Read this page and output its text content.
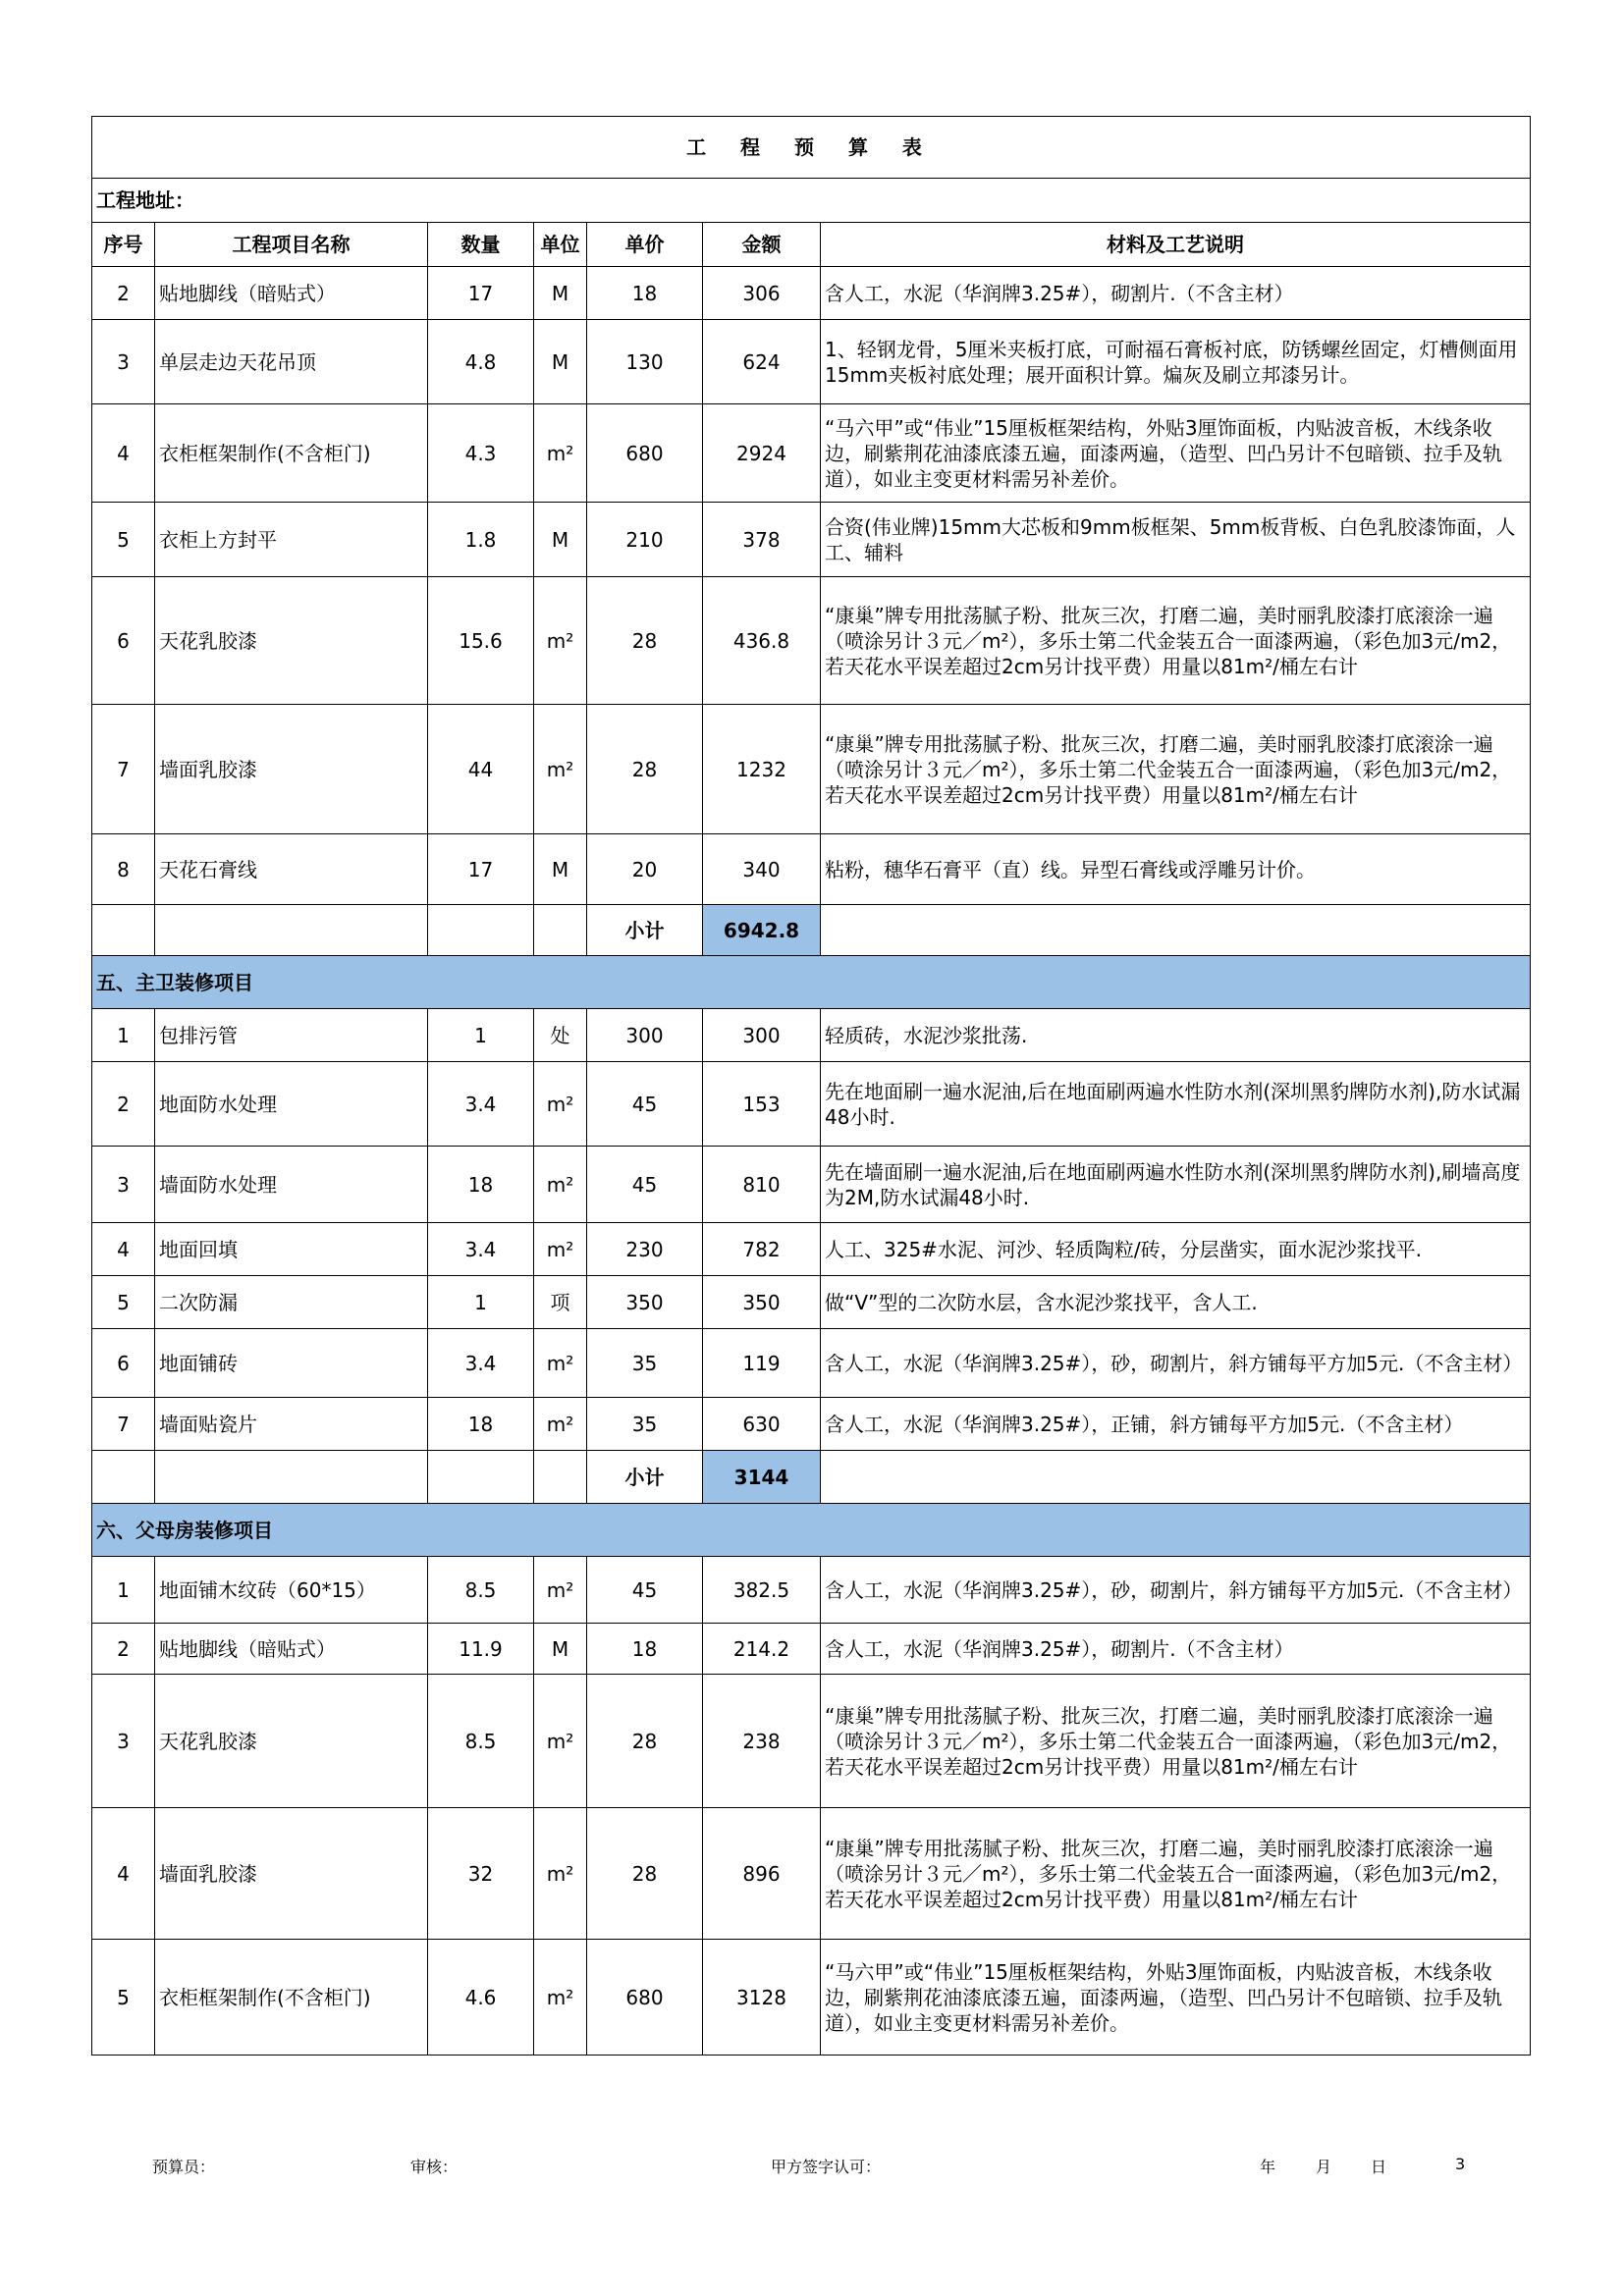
工 程 预 算 表						
工程地址：						
序号	工程项目名称	数量	单位	单价	金额	材料及工艺说明
2	贴地脚线（暗贴式）	17	M	18	306	含人工，水泥（华润牌3.25#），砌割片.（不含主材）
3	单层走边天花吊顶	4.8	M	130	624	1、轻钢龙骨，5厘米夹板打底，可耐福石膏板衬底，防锈螺丝固定，灯槽侧面用15mm夹板衬底处理；展开面积计算。煸灰及刷立邦漆另计。
4	衣柜框架制作(不含柜门)	4.3	m²	680	2924	“马六甲”或“伟业”15厘板框架结构，外贴3厘饰面板，内贴波音板，木线条收边，刷紫荆花油漆底漆五遍，面漆两遍，（造型、凹凸另计不包暗锁、拉手及轨道），如业主变更材料需另补差价。
5	衣柜上方封平	1.8	M	210	378	合资(伟业牌)15mm大芯板和9mm板框架、5mm板背板、白色乳胶漆饰面，人工、辅料
6	天花乳胶漆	15.6	m²	28	436.8	“康巢”牌专用批荡腻子粉、批灰三次，打磨二遍，美时丽乳胶漆打底滚涂一遍（喷涂另计３元／m²），多乐士第二代金装五合一面漆两遍，（彩色加3元/m2，若天花水平误差超过2cm另计找平费）用量以81m²/桶左右计
7	墙面乳胶漆	44	m²	28	1232	“康巢”牌专用批荡腻子粉、批灰三次，打磨二遍，美时丽乳胶漆打底滚涂一遍（喷涂另计３元／m²），多乐士第二代金装五合一面漆两遍，（彩色加3元/m2，若天花水平误差超过2cm另计找平费）用量以81m²/桶左右计
8	天花石膏线	17	M	20	340	粘粉，穗华石膏平（直）线。异型石膏线或浮雕另计价。
				小计	6942.8	
五、主卫装修项目						
1	包排污管	1	处	300	300	轻质砖，水泥沙浆批荡.
2	地面防水处理	3.4	m²	45	153	先在地面刷一遍水泥油,后在地面刷两遍水性防水剂(深圳黑豹牌防水剂),防水试漏48小时.
3	墙面防水处理	18	m²	45	810	先在墙面刷一遍水泥油,后在地面刷两遍水性防水剂(深圳黑豹牌防水剂),刷墙高度为2M,防水试漏48小时.
4	地面回填	3.4	m²	230	782	人工、325#水泥、河沙、轻质陶粒/砖，分层凿实，面水泥沙浆找平.
5	二次防漏	1	项	350	350	做“V”型的二次防水层，含水泥沙浆找平，含人工.
6	地面铺砖	3.4	m²	35	119	含人工，水泥（华润牌3.25#），砂，砌割片，斜方铺每平方加5元.（不含主材）
7	墙面贴瓷片	18	m²	35	630	含人工，水泥（华润牌3.25#），正铺，斜方铺每平方加5元.（不含主材）
				小计	3144	
六、父母房装修项目						
1	地面铺木纹砖（60*15）	8.5	m²	45	382.5	含人工，水泥（华润牌3.25#），砂，砌割片，斜方铺每平方加5元.（不含主材）
2	贴地脚线（暗贴式）	11.9	M	18	214.2	含人工，水泥（华润牌3.25#），砌割片.（不含主材）
3	天花乳胶漆	8.5	m²	28	238	“康巢”牌专用批荡腻子粉、批灰三次，打磨二遍，美时丽乳胶漆打底滚涂一遍（喷涂另计３元／m²），多乐士第二代金装五合一面漆两遍，（彩色加3元/m2，若天花水平误差超过2cm另计找平费）用量以81m²/桶左右计
4	墙面乳胶漆	32	m²	28	896	“康巢”牌专用批荡腻子粉、批灰三次，打磨二遍，美时丽乳胶漆打底滚涂一遍（喷涂另计３元／m²），多乐士第二代金装五合一面漆两遍，（彩色加3元/m2，若天花水平误差超过2cm另计找平费）用量以81m²/桶左右计
5	衣柜框架制作(不含柜门)	4.6	m²	680	3128	“马六甲”或“伟业”15厘板框架结构，外贴3厘饰面板，内贴波音板，木线条收边，刷紫荆花油漆底漆五遍，面漆两遍，（造型、凹凸另计不包暗锁、拉手及轨道），如业主变更材料需另补差价。
预算员：	审核：	甲方签字认可：	年	月 日	3
